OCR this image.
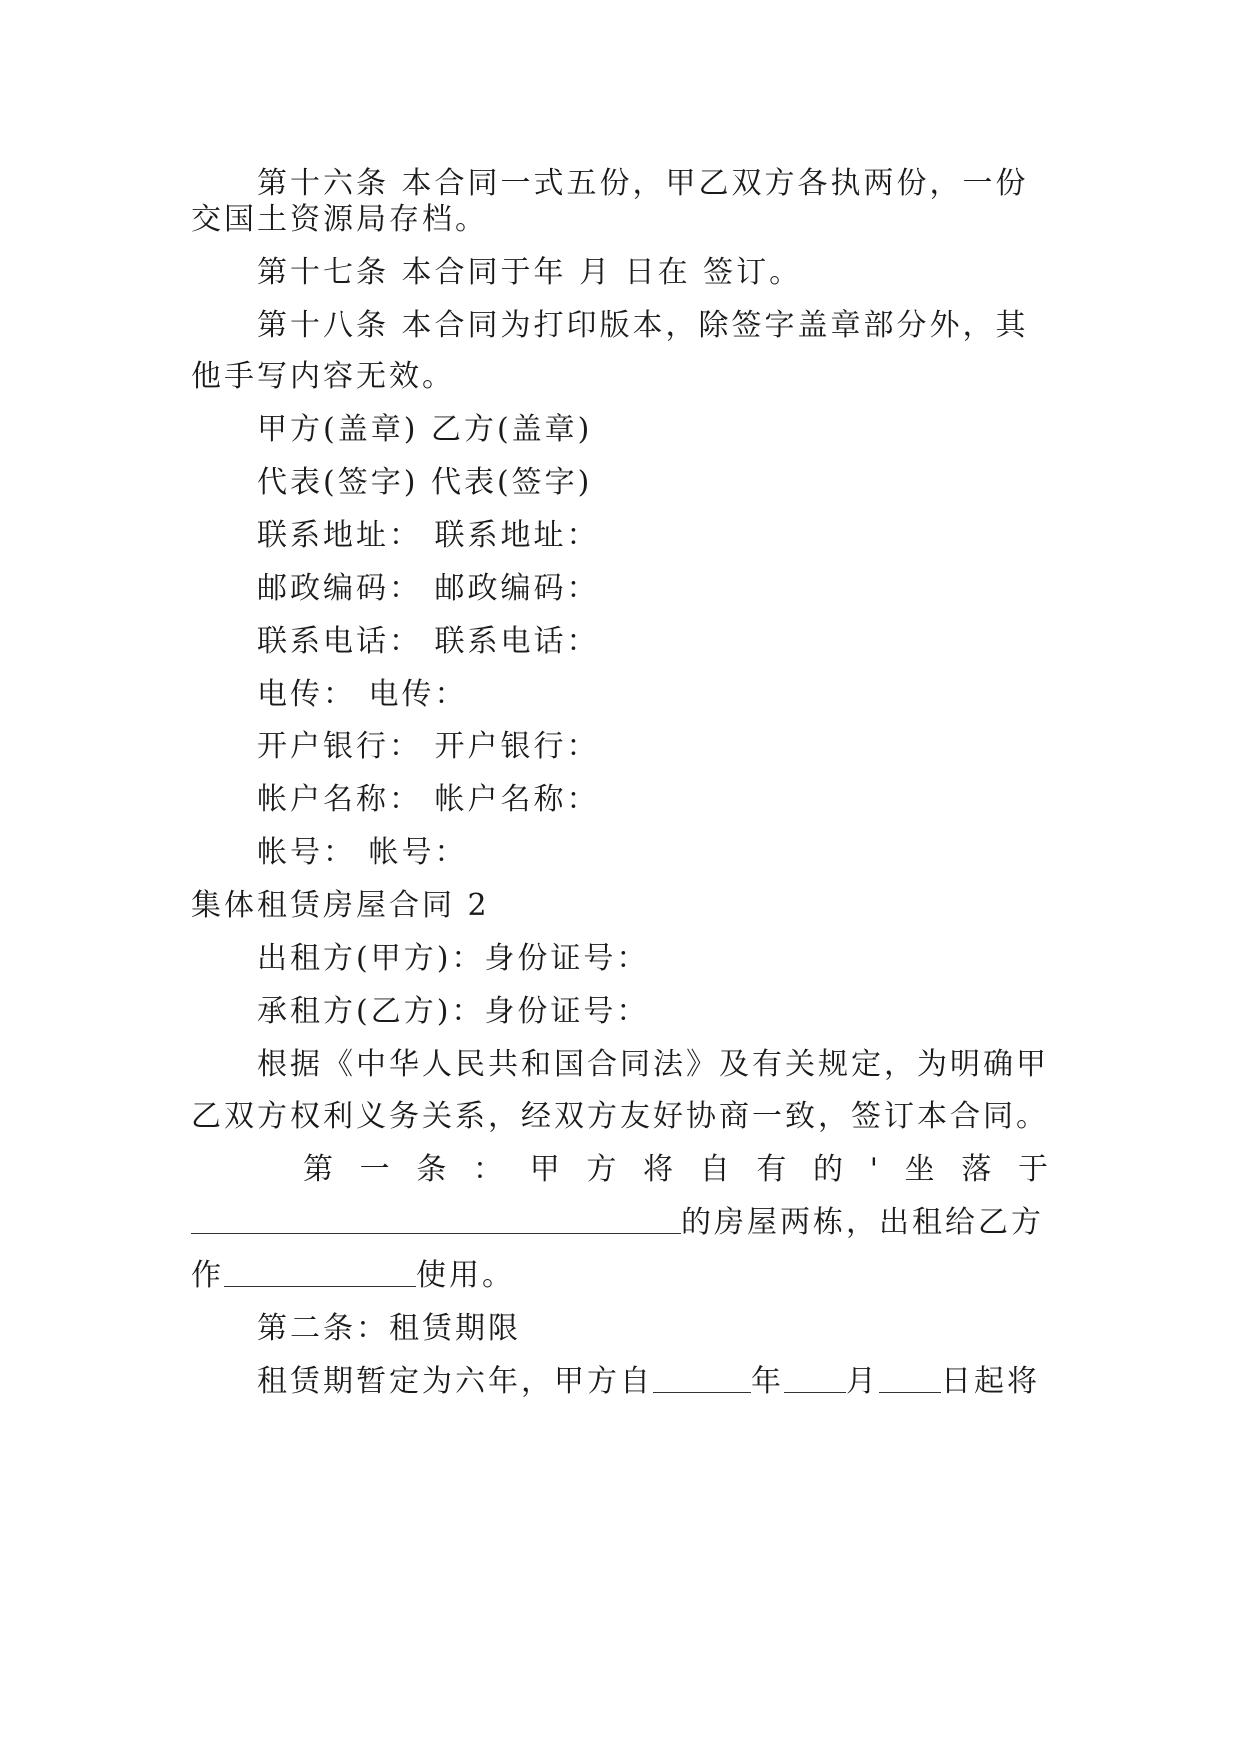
第十六条 本合同一式五份，甲乙双方各执两份，一份

交国土资源局存档。

第十七条 本合同于年 月 日在 签订。

第十八条 本合同为打印版本，除签字盖章部分外，其

他手写内容无效。

甲方(盖章) 乙方(盖章)

代表(签字) 代表(签字)

联系地址： 联系地址：

邮政编码： 邮政编码：

联系电话： 联系电话：

电传： 电传：

开户银行： 开户银行：

帐户名称： 帐户名称：

帐号： 帐号：

集体租赁房屋合同 2

出租方(甲方)：身份证号：

承租方(乙方)：身份证号：

根据《中华人民共和国合同法》及有关规定，为明确甲

乙双方权利义务关系，经双方友好协商一致，签订本合同。

第 一 条 ： 甲 方 将 自 有 的 ' 坐 落 于

的房屋两栋，出租给乙方

作	使用。

第二条：租赁期限

租赁期暂定为六年，甲方自	年 月 日起将
